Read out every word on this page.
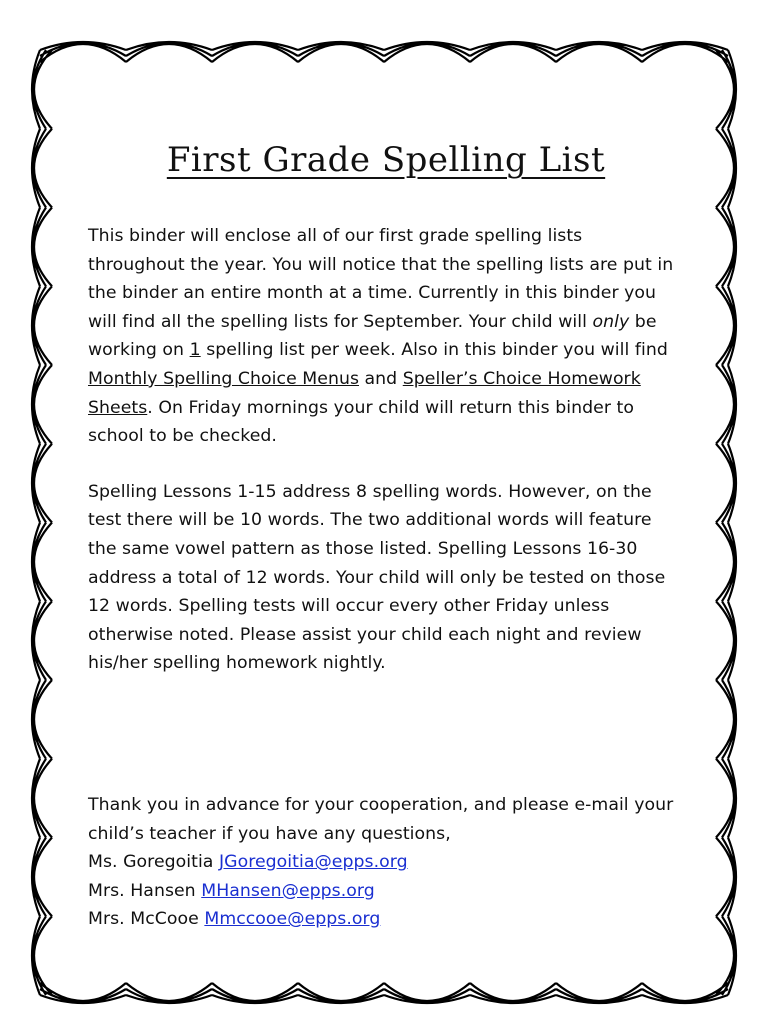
First Grade Spelling List

This binder will enclose all of our first grade spelling lists throughout the year. You will notice that the spelling lists are put in the binder an entire month at a time. Currently in this binder you will find all the spelling lists for September. Your child will only be working on 1 spelling list per week. Also in this binder you will find Monthly Spelling Choice Menus and Speller’s Choice Homework Sheets. On Friday mornings your child will return this binder to school to be checked.

Spelling Lessons 1-15 address 8 spelling words. However, on the test there will be 10 words. The two additional words will feature the same vowel pattern as those listed. Spelling Lessons 16-30 address a total of 12 words. Your child will only be tested on those 12 words. Spelling tests will occur every other Friday unless otherwise noted. Please assist your child each night and review his/her spelling homework nightly.

Thank you in advance for your cooperation, and please e-mail your child’s teacher if you have any questions,
Ms. Goregoitia JGoregoitia@epps.org
Mrs. Hansen MHansen@epps.org
Mrs. McCooe Mmccooe@epps.org
